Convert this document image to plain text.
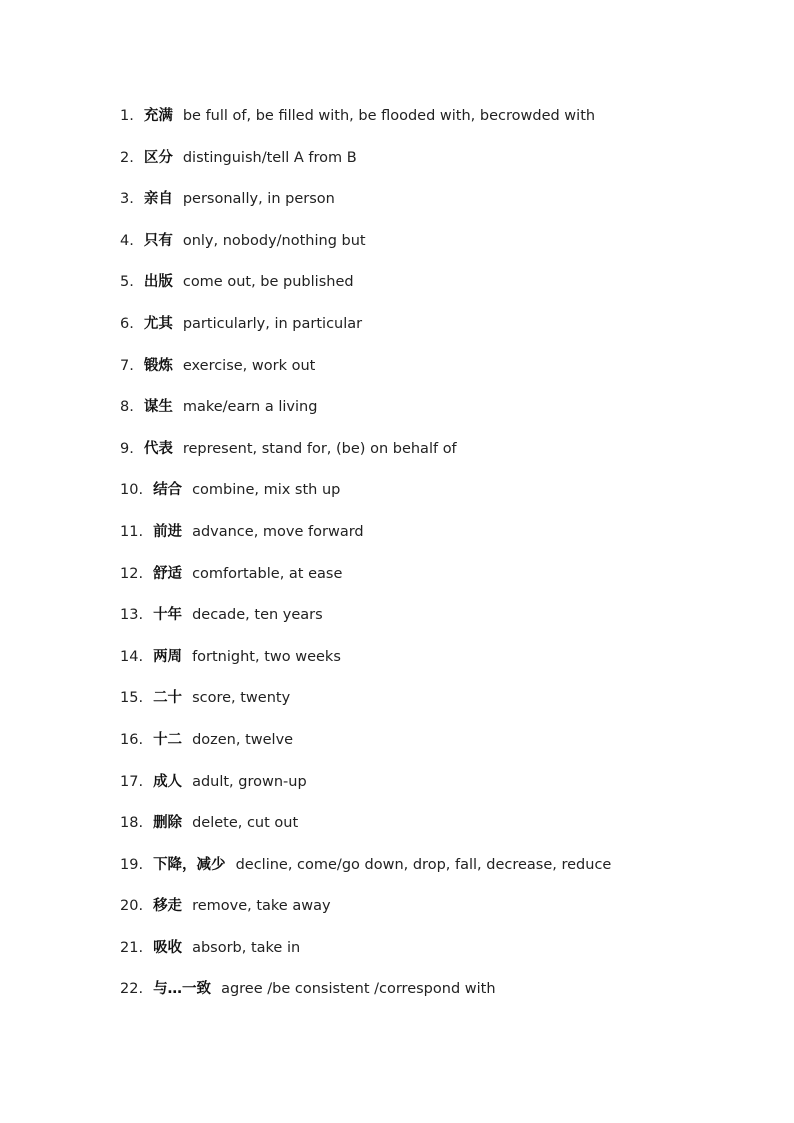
1. 充满 be full of, be filled with, be flooded with, becrowded with
2. 区分 distinguish/tell A from B
3. 亲自 personally, in person
4. 只有 only, nobody/nothing but
5. 出版 come out, be published
6. 尤其 particularly, in particular
7. 锻炼 exercise, work out
8. 谋生 make/earn a living
9. 代表 represent, stand for, (be) on behalf of
10. 结合 combine, mix sth up
11. 前进 advance, move forward
12. 舒适 comfortable, at ease
13. 十年 decade, ten years
14. 两周 fortnight, two weeks
15. 二十 score, twenty
16. 十二 dozen, twelve
17. 成人 adult, grown-up
18. 删除 delete, cut out
19. 下降，减少 decline, come/go down, drop, fall, decrease, reduce
20. 移走 remove, take away
21. 吸收 absorb, take in
22. 与…一致 agree /be consistent /correspond with
